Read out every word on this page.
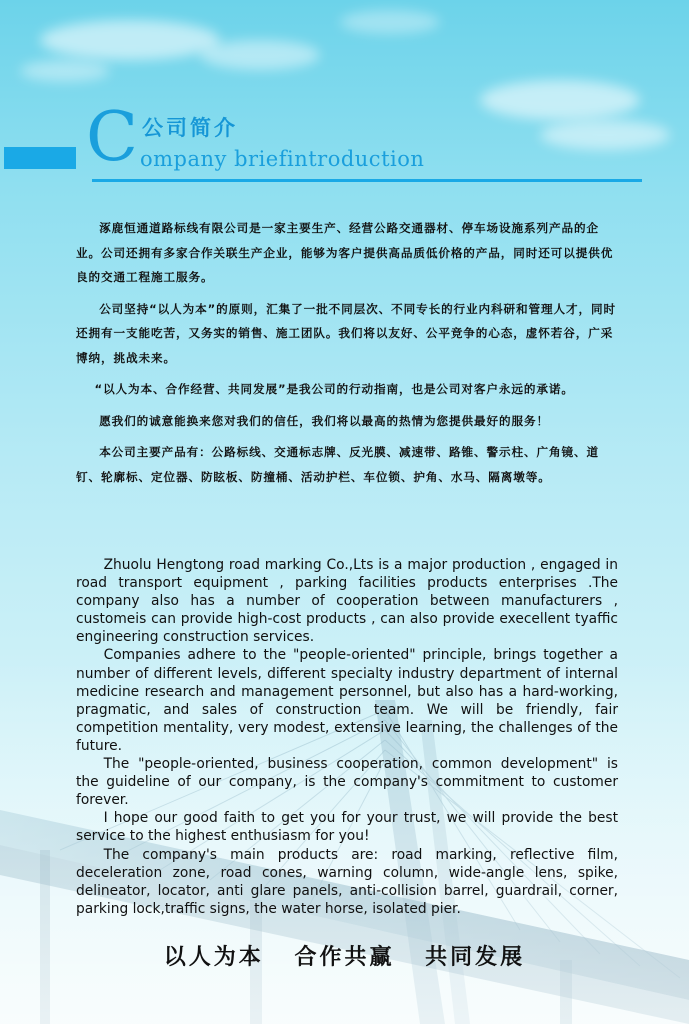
C 公司简介
ompany briefintroduction

涿鹿恒通道路标线有限公司是一家主要生产、经营公路交通器材、停车场设施系列产品的企业。公司还拥有多家合作关联生产企业，能够为客户提供高品质低价格的产品，同时还可以提供优良的交通工程施工服务。

公司坚持“以人为本”的原则，汇集了一批不同层次、不同专长的行业内科研和管理人才，同时还拥有一支能吃苦，又务实的销售、施工团队。我们将以友好、公平竞争的心态，虚怀若谷，广采博纳，挑战未来。

“以人为本、合作经营、共同发展”是我公司的行动指南，也是公司对客户永远的承诺。

愿我们的诚意能换来您对我们的信任，我们将以最高的热情为您提供最好的服务！

本公司主要产品有：公路标线、交通标志牌、反光膜、减速带、路锥、警示柱、广角镜、道钉、轮廓标、定位器、防眩板、防撞桶、活动护栏、车位锁、护角、水马、隔离墩等。

Zhuolu Hengtong road marking Co.,Lts is a major production , engaged in road transport equipment , parking facilities products enterprises .The company also has a number of cooperation between manufacturers , customeis can provide high-cost products , can also provide execellent tyaffic engineering construction services.

Companies adhere to the "people-oriented" principle, brings together a number of different levels, different specialty industry department of internal medicine research and management personnel, but also has a hard-working, pragmatic, and sales of construction team. We will be friendly, fair competition mentality, very modest, extensive learning, the challenges of the future.

The "people-oriented, business cooperation, common development" is the guideline of our company, is the company's commitment to customer forever.

I hope our good faith to get you for your trust, we will provide the best service to the highest enthusiasm for you!

The company's main products are: road marking, reflective film, deceleration zone, road cones, warning column, wide-angle lens, spike, delineator, locator, anti glare panels, anti-collision barrel, guardrail, corner, parking lock,traffic signs, the water horse, isolated pier.

以人为本 合作共赢 共同发展
